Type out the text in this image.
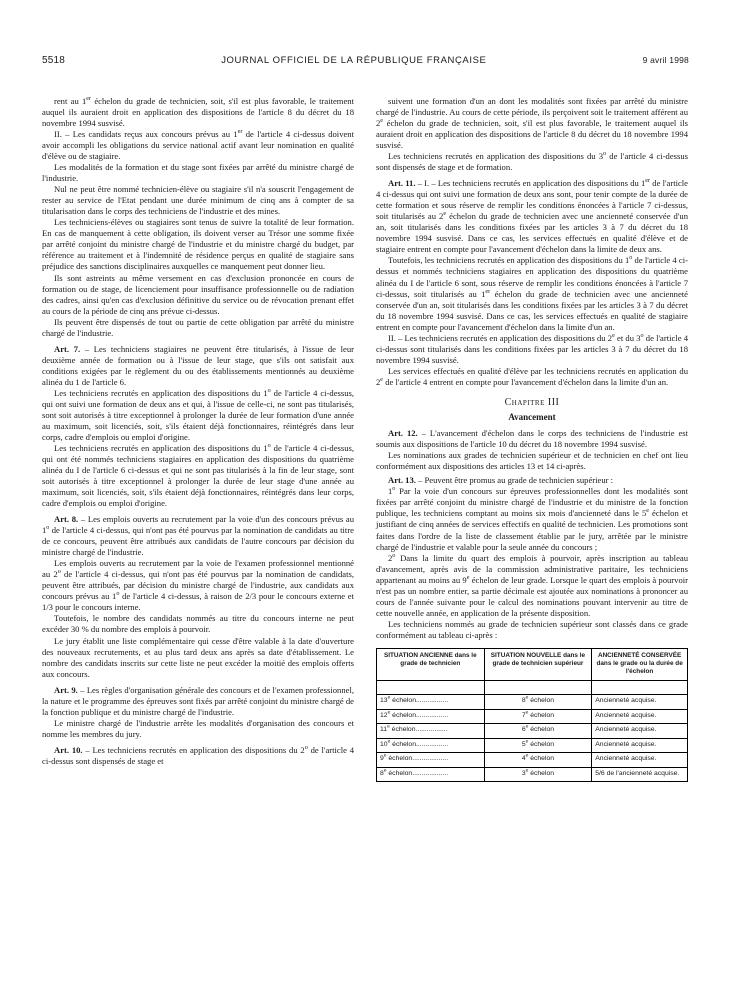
5518	JOURNAL OFFICIEL DE LA RÉPUBLIQUE FRANÇAISE	9 avril 1998

rent au 1er échelon du grade de technicien, soit, s'il est plus favorable, le traitement auquel ils auraient droit en application des dispositions de l'article 8 du décret du 18 novembre 1994 susvisé.

II. – Les candidats reçus aux concours prévus au 1er de l'article 4 ci-dessus doivent avoir accompli les obligations du service national actif avant leur nomination en qualité d'élève ou de stagiaire.

Les modalités de la formation et du stage sont fixées par arrêté du ministre chargé de l'industrie.

Nul ne peut être nommé technicien-élève ou stagiaire s'il n'a souscrit l'engagement de rester au service de l'Etat pendant une durée minimum de cinq ans à compter de sa titularisation dans le corps des techniciens de l'industrie et des mines.

Les techniciens-élèves ou stagiaires sont tenus de suivre la totalité de leur formation. En cas de manquement à cette obligation, ils doivent verser au Trésor une somme fixée par arrêté conjoint du ministre chargé de l'industrie et du ministre chargé du budget, par référence au traitement et à l'indemnité de résidence perçus en qualité de stagiaire sans préjudice des sanctions disciplinaires auxquelles ce manquement peut donner lieu.

Ils sont astreints au même versement en cas d'exclusion prononcée en cours de formation ou de stage, de licenciement pour insuffisance professionnelle ou de radiation des cadres, ainsi qu'en cas d'exclusion définitive du service ou de révocation prenant effet au cours de la période de cinq ans prévue ci-dessus.

Ils peuvent être dispensés de tout ou partie de cette obligation par arrêté du ministre chargé de l'industrie.

Art. 7. – Les techniciens stagiaires ne peuvent être titularisés, à l'issue de leur deuxième année de formation ou à l'issue de leur stage, que s'ils ont satisfait aux conditions exigées par le règlement du ou des établissements mentionnés au deuxième alinéa du 1 de l'article 6.

Les techniciens recrutés en application des dispositions du 1$^o$ de l'article 4 ci-dessus, qui ont suivi une formation de deux ans et qui, à l'issue de celle-ci, ne sont pas titularisés, sont soit autorisés à titre exceptionnel à prolonger la durée de leur formation d'une année au maximum, soit licenciés, soit, s'ils étaient déjà fonctionnaires, réintégrés dans leur corps, cadre d'emplois ou emploi d'origine.

Les techniciens recrutés en application des dispositions du 1$^o$ de l'article 4 ci-dessus, qui ont été nommés techniciens stagiaires en application des dispositions du quatrième alinéa du I de l'article 6 ci-dessus et qui ne sont pas titularisés à la fin de leur stage, sont soit autorisés à titre exceptionnel à prolonger la durée de leur stage d'une année au maximum, soit licenciés, soit, s'ils étaient déjà fonctionnaires, réintégrés dans leur corps, cadre d'emplois ou emploi d'origine.

Art. 8. – Les emplois ouverts au recrutement par la voie d'un des concours prévus au 1$^o$ de l'article 4 ci-dessus, qui n'ont pas été pourvus par la nomination de candidats au titre de ce concours, peuvent être attribués aux candidats de l'autre concours par décision du ministre chargé de l'industrie.

Les emplois ouverts au recrutement par la voie de l'examen professionnel mentionné au 2$^o$ de l'article 4 ci-dessus, qui n'ont pas été pourvus par la nomination de candidats, peuvent être attribués, par décision du ministre chargé de l'industrie, aux candidats aux concours prévus au 1$^o$ de l'article 4 ci-dessus, à raison de 2/3 pour le concours externe et 1/3 pour le concours interne.

Toutefois, le nombre des candidats nommés au titre du concours interne ne peut excéder 30 % du nombre des emplois à pourvoir.

Le jury établit une liste complémentaire qui cesse d'être valable à la date d'ouverture des nouveaux recrutements, et au plus tard deux ans après sa date d'établissement. Le nombre des candidats inscrits sur cette liste ne peut excéder la moitié des emplois offerts aux concours.

Art. 9. – Les règles d'organisation générale des concours et de l'examen professionnel, la nature et le programme des épreuves sont fixés par arrêté conjoint du ministre chargé de la fonction publique et du ministre chargé de l'industrie.

Le ministre chargé de l'industrie arrête les modalités d'organisation des concours et nomme les membres du jury.

Art. 10. – Les techniciens recrutés en application des dispositions du 2$^o$ de l'article 4 ci-dessus sont dispensés de stage et

suivent une formation d'un an dont les modalités sont fixées par arrêté du ministre chargé de l'industrie. Au cours de cette période, ils perçoivent soit le traitement afférent au 2e échelon du grade de technicien, soit, s'il est plus favorable, le traitement auquel ils auraient droit en application des dispositions de l'article 8 du décret du 18 novembre 1994 susvisé.

Les techniciens recrutés en application des dispositions du 3$^o$ de l'article 4 ci-dessus sont dispensés de stage et de formation.

Art. 11. – I. – Les techniciens recrutés en application des dispositions du 1er de l'article 4 ci-dessus qui ont suivi une formation de deux ans sont, pour tenir compte de la durée de cette formation et sous réserve de remplir les conditions énoncées à l'article 7 ci-dessus, soit titularisés au 2e échelon du grade de technicien avec une ancienneté conservée d'un an, soit titularisés dans les conditions fixées par les articles 3 à 7 du décret du 18 novembre 1994 susvisé. Dans ce cas, les services effectués en qualité d'élève et de stagiaire entrent en compte pour l'avancement d'échelon dans la limite de deux ans.

Toutefois, les techniciens recrutés en application des dispositions du 1$^o$ de l'article 4 ci-dessus et nommés techniciens stagiaires en application des dispositions du quatrième alinéa du I de l'article 6 sont, sous réserve de remplir les conditions énoncées à l'article 7 ci-dessus, soit titularisés au 1er échelon du grade de technicien avec une ancienneté conservée d'un an, soit titularisés dans les conditions fixées par les articles 3 à 7 du décret du 18 novembre 1994 susvisé. Dans ce cas, les services effectués en qualité de stagiaire entrent en compte pour l'avancement d'échelon dans la limite d'un an.

II. – Les techniciens recrutés en application des dispositions du 2e et du 3$^o$ de l'article 4 ci-dessus sont titularisés dans les conditions fixées par les articles 3 à 7 du décret du 18 novembre 1994 susvisé.

Les services effectués en qualité d'élève par les techniciens recrutés en application du 2e de l'article 4 entrent en compte pour l'avancement d'échelon dans la limite d'un an.

Chapitre III
Avancement

Art. 12. – L'avancement d'échelon dans le corps des techniciens de l'industrie est soumis aux dispositions de l'article 10 du décret du 18 novembre 1994 susvisé.

Les nominations aux grades de technicien supérieur et de technicien en chef ont lieu conformément aux dispositions des articles 13 et 14 ci-après.

Art. 13. – Peuvent être promus au grade de technicien supérieur :

1$^o$ Par la voie d'un concours sur épreuves professionnelles dont les modalités sont fixées par arrêté conjoint du ministre chargé de l'industrie et du ministre de la fonction publique, les techniciens comptant au moins six mois d'ancienneté dans le 5e échelon et justifiant de cinq années de services effectifs en qualité de technicien. Les promotions sont faites dans l'ordre de la liste de classement établie par le jury, arrêtée par le ministre chargé de l'industrie et valable pour la seule année du concours ;

2$^o$ Dans la limite du quart des emplois à pourvoir, après inscription au tableau d'avancement, après avis de la commission administrative paritaire, les techniciens appartenant au moins au 9e échelon de leur grade. Lorsque le quart des emplois à pourvoir n'est pas un nombre entier, sa partie décimale est ajoutée aux nominations à prononcer au cours de l'année suivante pour le calcul des nominations pouvant intervenir au titre de cette nouvelle année, en application de la présente disposition.

Les techniciens nommés au grade de technicien supérieur sont classés dans ce grade conformément au tableau ci-après :

SITUATION ANCIENNE dans le grade de technicien	SITUATION NOUVELLE dans le grade de technicien supérieur	ANCIENNETÉ CONSERVÉE dans le grade ou la durée de l'échelon

13e échelon.................	8e échelon	Ancienneté acquise.
12e échelon.................	7e échelon	Ancienneté acquise.
11e échelon.................	6e échelon	Ancienneté acquise.
10e échelon.................	5e échelon	Ancienneté acquise.
9e échelon...................	4e échelon	Ancienneté acquise.
8e échelon...................	3e échelon	5/6 de l'ancienneté acquise.
